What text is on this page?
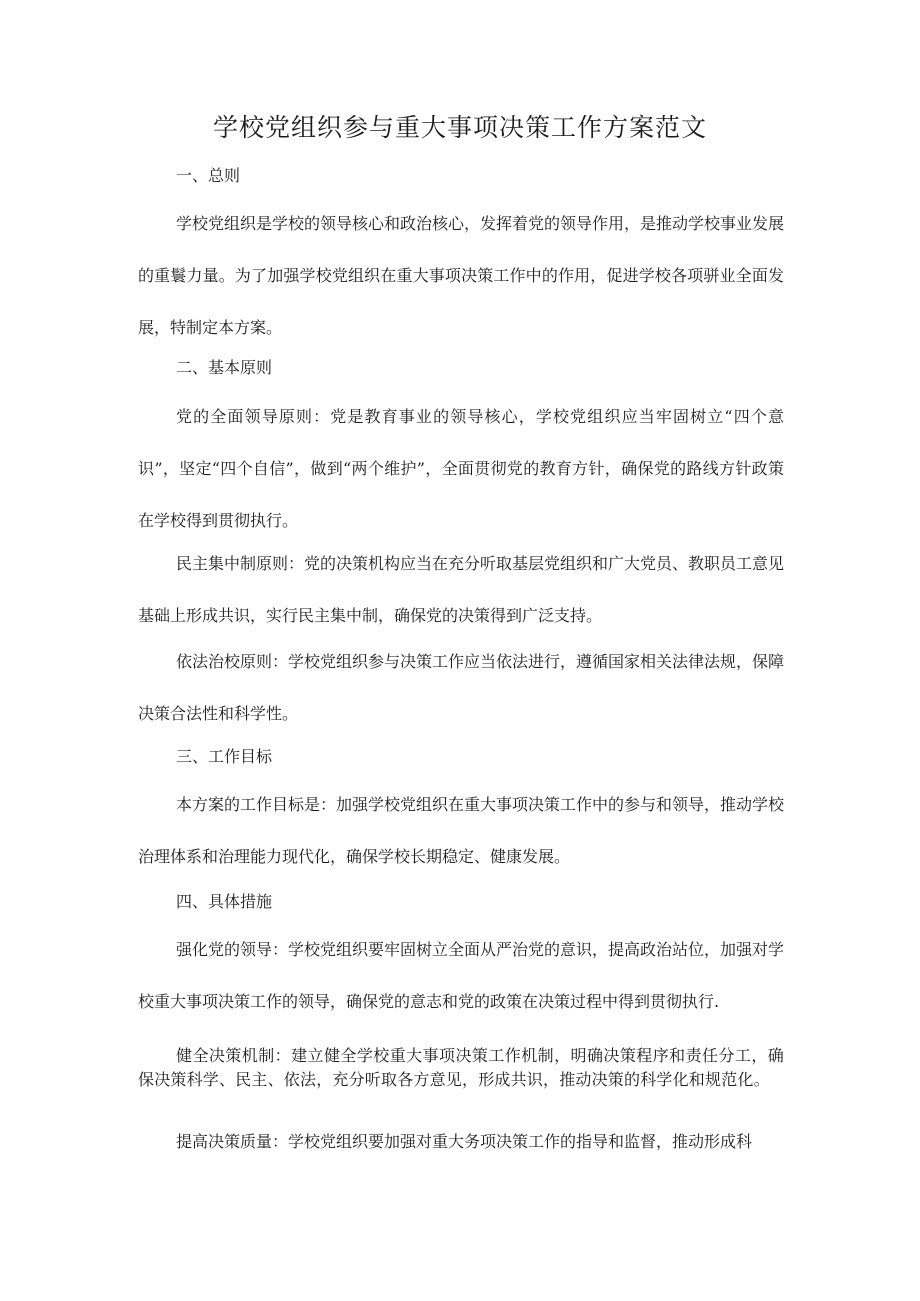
学校党组织参与重大事项决策工作方案范文
一、总则
学校党组织是学校的领导核心和政治核心，发挥着党的领导作用，是推动学校事业发展的重鬟力量。为了加强学校党组织在重大事项决策工作中的作用，促进学校各项骈业全面发展，特制定本方案。
二、基本原则
党的全面领导原则：党是教育事业的领导核心，学校党组织应当牢固树立“四个意识”，坚定“四个自信”，做到“两个维护”，全面贯彻党的教育方针，确保党的路线方针政策在学校得到贯彻执行。
民主集中制原则：党的决策机构应当在充分听取基层党组织和广大党员、教职员工意见基础上形成共识，实行民主集中制，确保党的决策得到广泛支持。
依法治校原则：学校党组织参与决策工作应当依法进行，遵循国家相关法律法规，保障决策合法性和科学性。
三、工作目标
本方案的工作目标是：加强学校党组织在重大事项决策工作中的参与和领导，推动学校治理体系和治理能力现代化，确保学校长期稳定、健康发展。
四、具体措施
强化党的领导：学校党组织要牢固树立全面从严治党的意识，提高政治站位，加强对学校重大事项决策工作的领导，确保党的意志和党的政策在决策过程中得到贯彻执行.
健全决策机制：建立健全学校重大事项决策工作机制，明确决策程序和责任分工，确保决策科学、民主、依法，充分听取各方意见，形成共识，推动决策的科学化和规范化。
提高决策质量：学校党组织要加强对重大务项决策工作的指导和监督，推动形成科
